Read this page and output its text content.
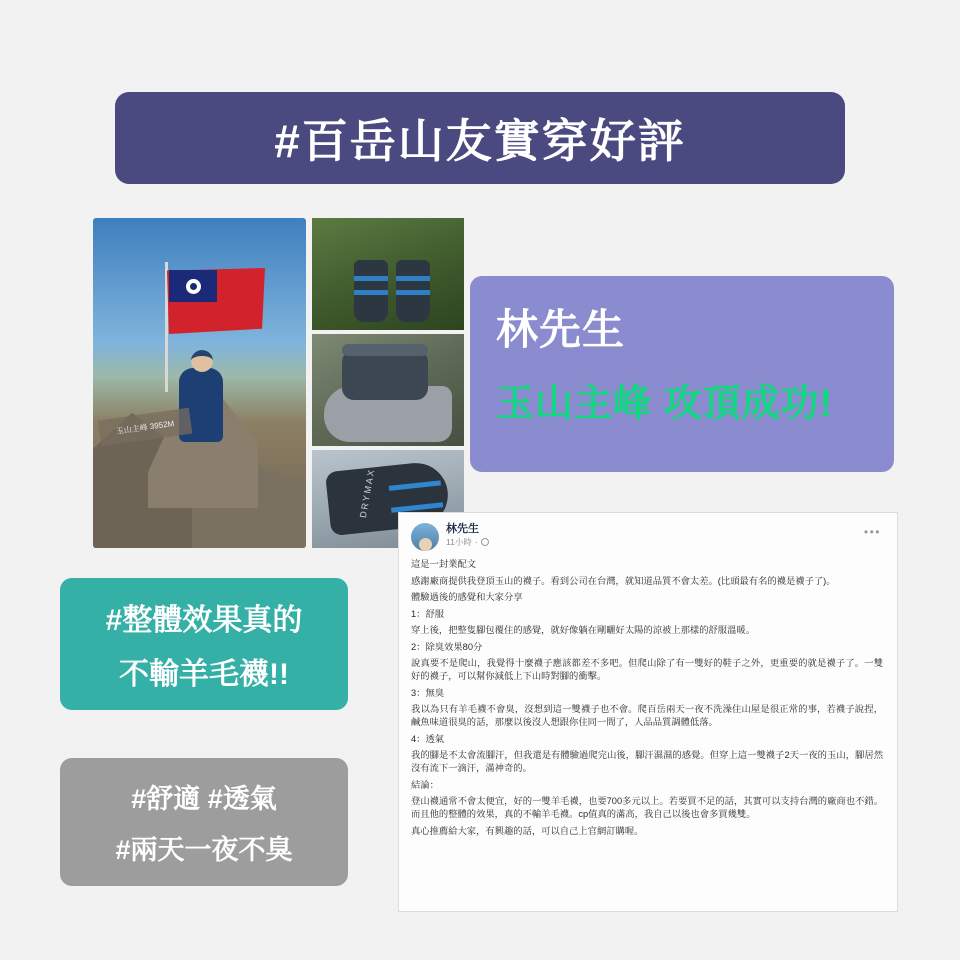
#百岳山友實穿好評
玉山主峰 3952M
DRYMAX
林先生
玉山主峰 攻頂成功!
#整體效果真的
不輸羊毛襪!!
#舒適 #透氣
#兩天一夜不臭
林先生
11小時 ·
•••

這是一封業配文

感謝廠商提供我登頂玉山的襪子。看到公司在台灣，就知道品質不會太差。(比頭最有名的襪是襪子了)。

體驗過後的感覺和大家分享

1：舒服

穿上後，把整隻腳包覆住的感覺，就好像躺在剛曬好太陽的涼被上那樣的舒服溫暖。

2：除臭效果80分

說真要不是爬山，我覺得十麼襪子應該都差不多吧。但爬山除了有一雙好的鞋子之外，更重要的就是襪子了。一雙好的襪子，可以幫你減低上下山時對腳的衝擊。

3：無臭

我以為只有羊毛襪不會臭，沒想到這一雙襪子也不會。爬百岳兩天一夜不洗澡住山屋是很正常的事，若襪子說捏，鹹魚味道很臭的話，那麼以後沒人想跟你住同一間了，人品品質調體低落。

4：透氣

我的腳是不太會流腳汗，但我還是有體驗過爬完山後，腳汗濕濕的感覺。但穿上這一雙襪子2天一夜的玉山，腳居然沒有流下一滴汗，滿神奇的。

結論：

登山襪通常不會太便宜，好的一雙羊毛襪，也要700多元以上。若要買不足的話，其實可以支持台灣的廠商也不錯。而且他的整體的效果，真的不輸羊毛襪。cp值真的滿高，我自己以後也會多買幾雙。

真心推薦給大家，有興趣的話，可以自己上官網訂購喔。
